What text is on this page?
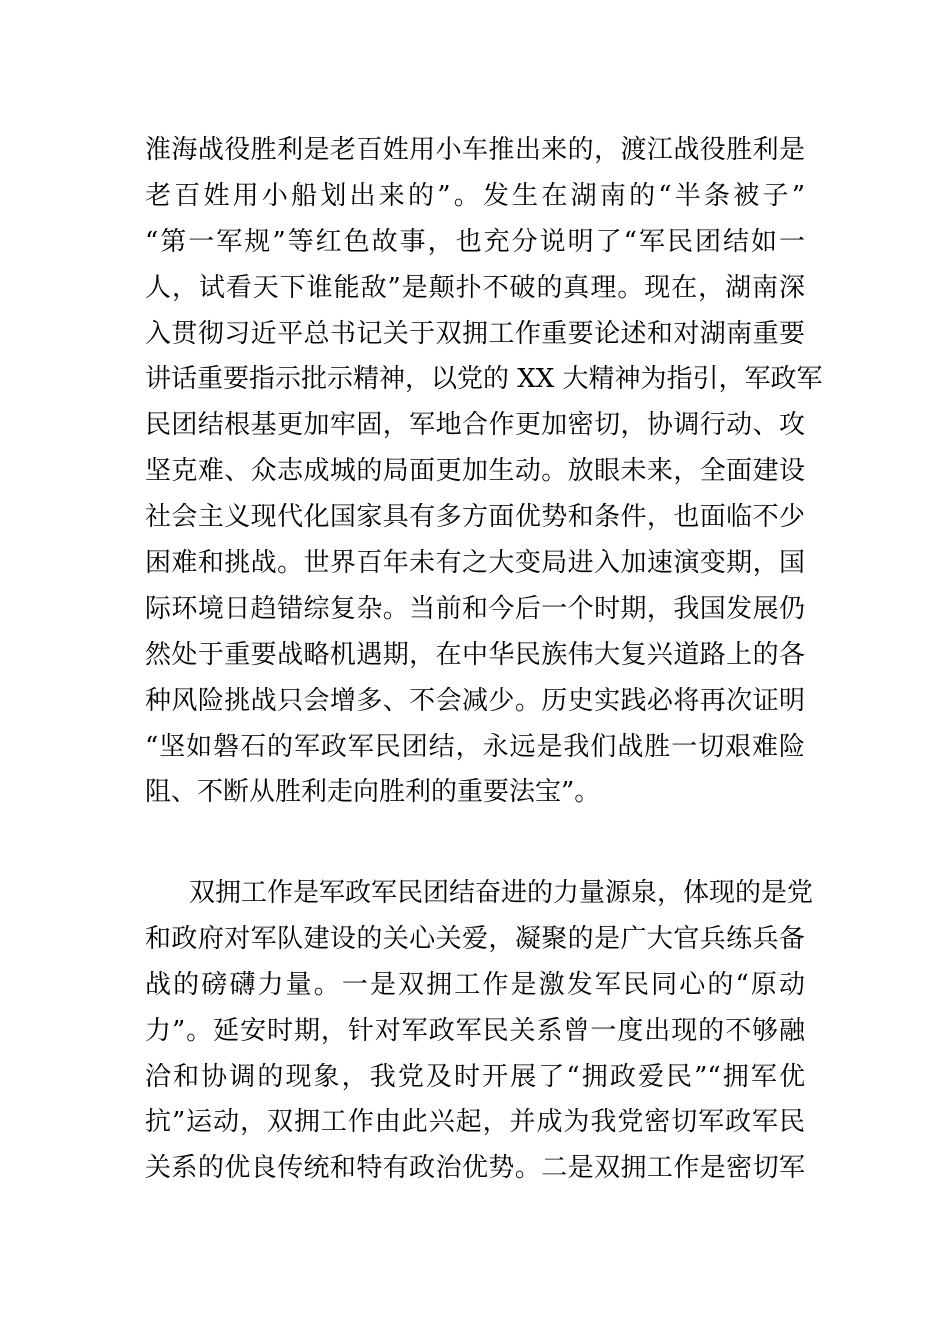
淮海战役胜利是老百姓用小车推出来的，渡江战役胜利是
老百姓用小船划出来的”。发生在湖南的“半条被子”
“第一军规”等红色故事，也充分说明了“军民团结如一
人，试看天下谁能敌”是颠扑不破的真理。现在，湖南深
入贯彻习近平总书记关于双拥工作重要论述和对湖南重要
讲话重要指示批示精神，以党的 XX 大精神为指引，军政军
民团结根基更加牢固，军地合作更加密切，协调行动、攻
坚克难、众志成城的局面更加生动。放眼未来，全面建设
社会主义现代化国家具有多方面优势和条件，也面临不少
困难和挑战。世界百年未有之大变局进入加速演变期，国
际环境日趋错综复杂。当前和今后一个时期，我国发展仍
然处于重要战略机遇期，在中华民族伟大复兴道路上的各
种风险挑战只会增多、不会减少。历史实践必将再次证明
“坚如磐石的军政军民团结，永远是我们战胜一切艰难险
阻、不断从胜利走向胜利的重要法宝”。
双拥工作是军政军民团结奋进的力量源泉，体现的是党
和政府对军队建设的关心关爱，凝聚的是广大官兵练兵备
战的磅礴力量。一是双拥工作是激发军民同心的“原动
力”。延安时期，针对军政军民关系曾一度出现的不够融
洽和协调的现象，我党及时开展了“拥政爱民”“拥军优
抗”运动，双拥工作由此兴起，并成为我党密切军政军民
关系的优良传统和特有政治优势。二是双拥工作是密切军
